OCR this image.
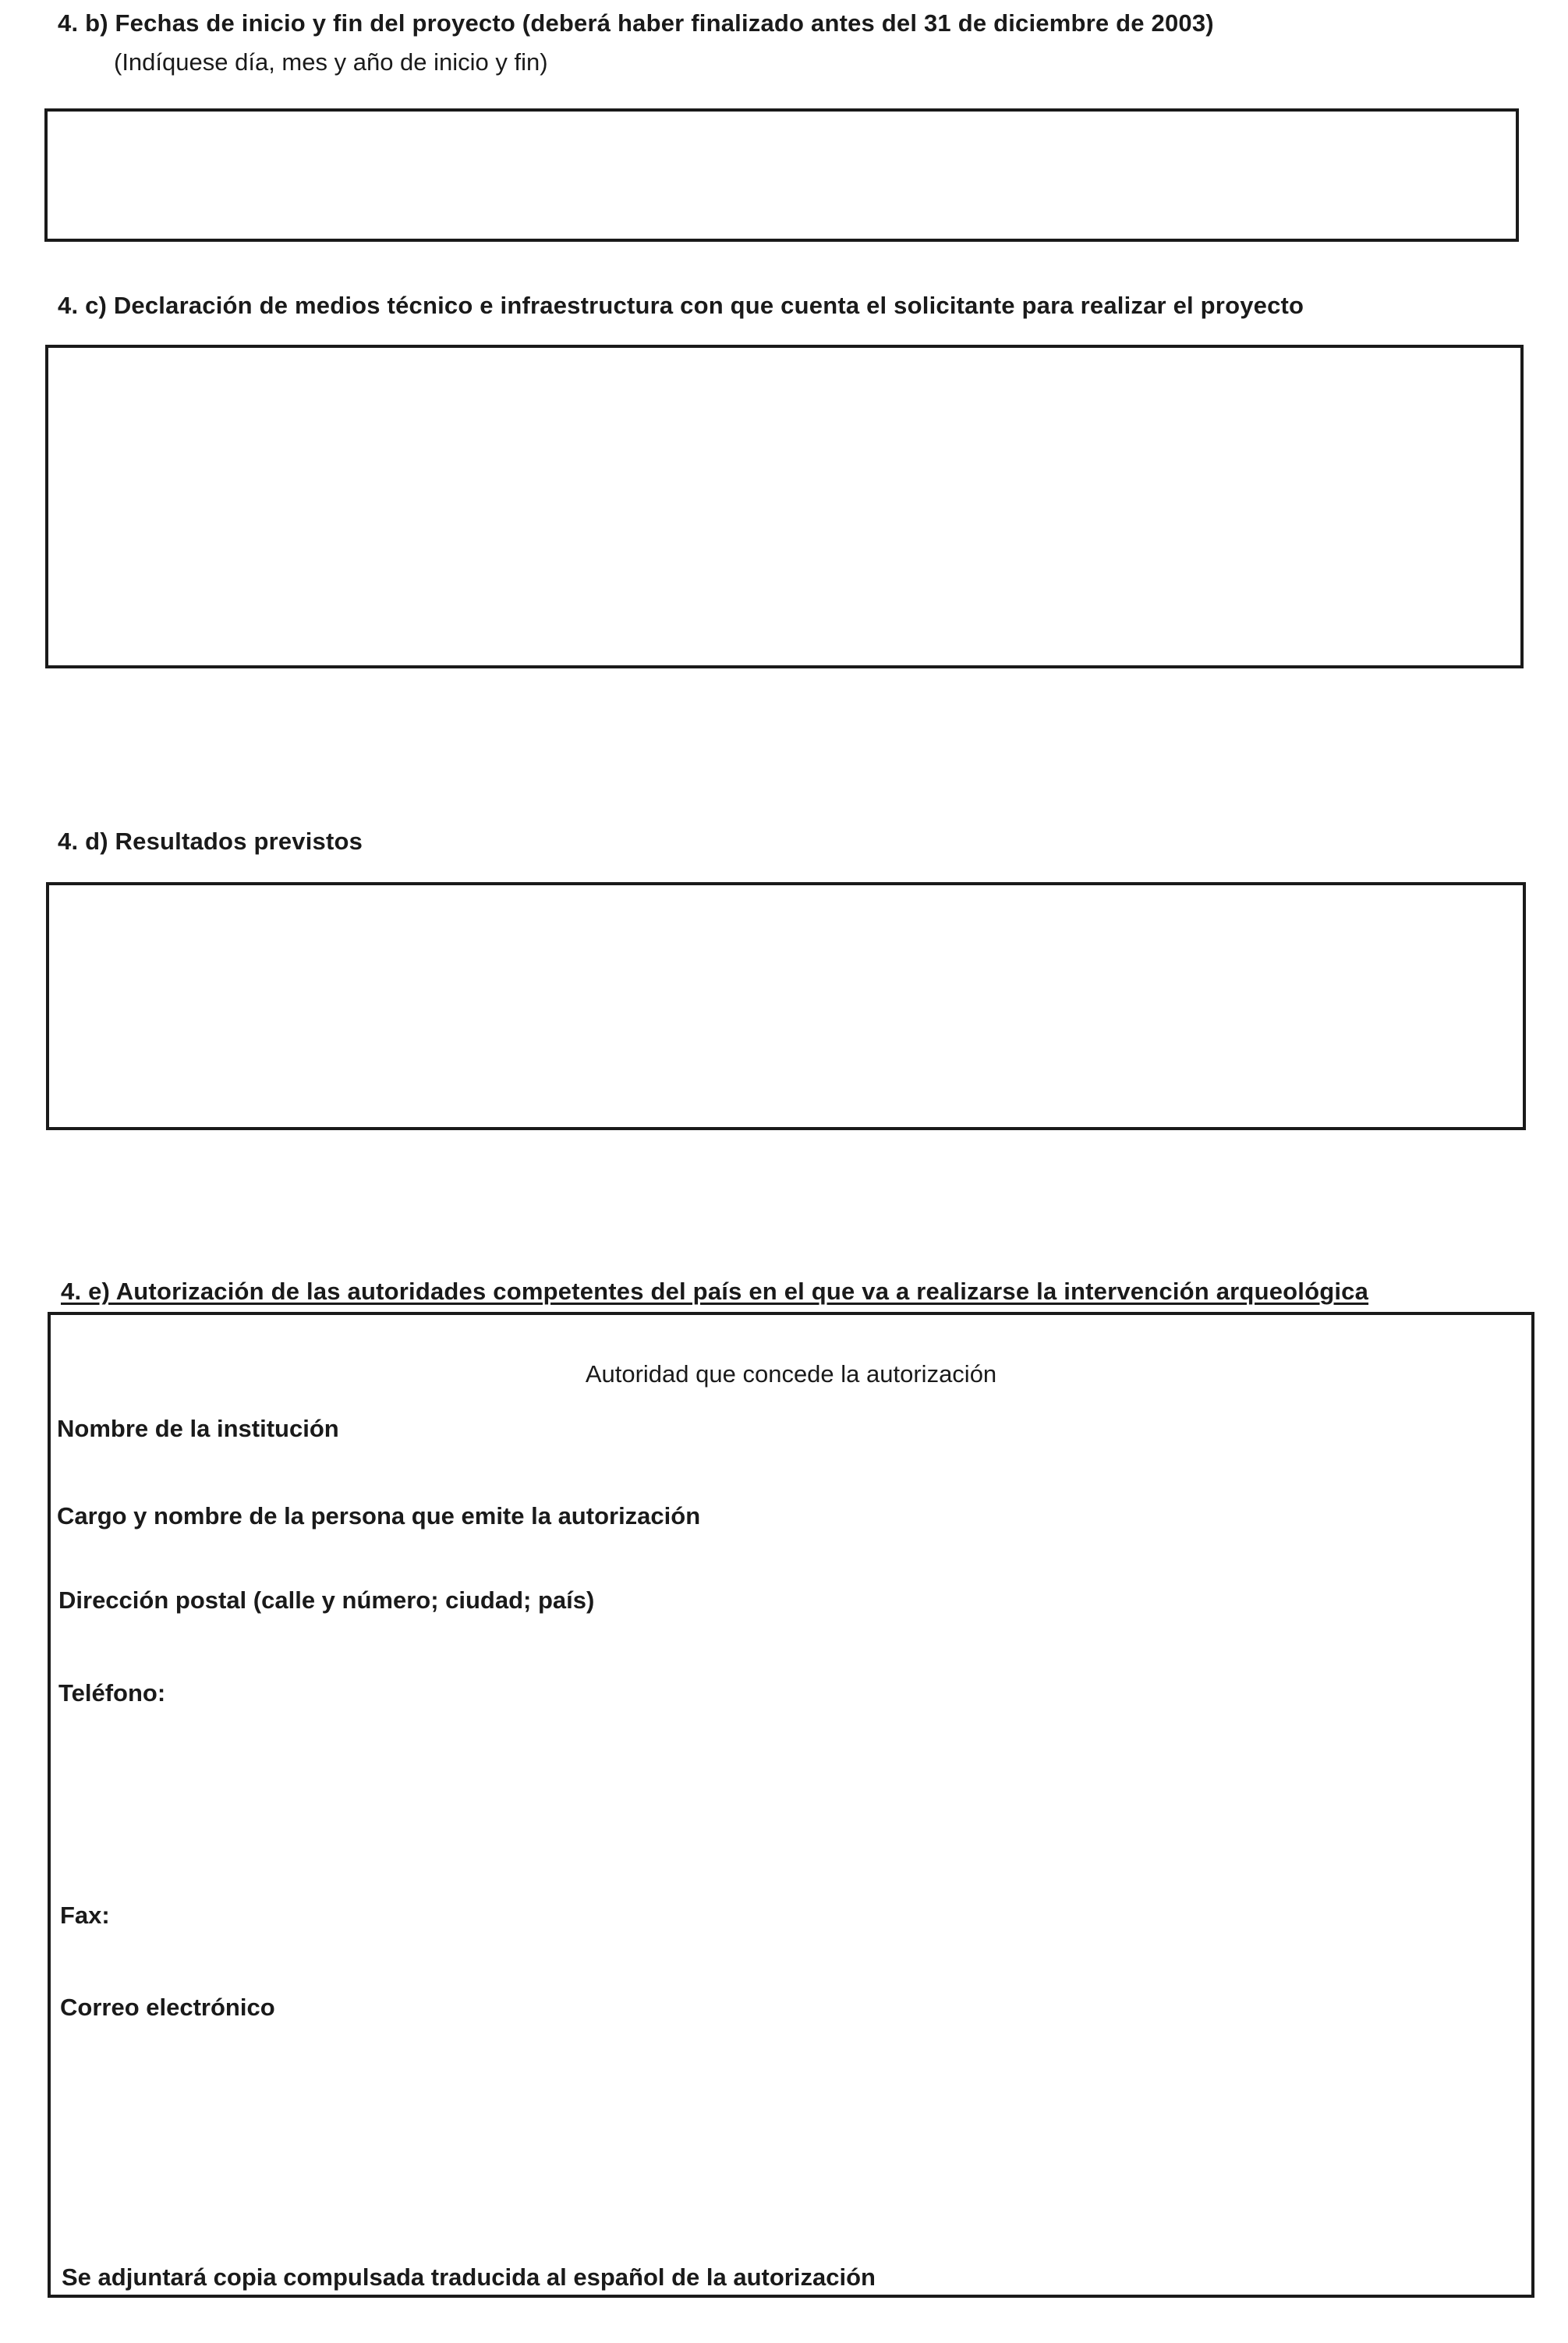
4. b) Fechas de inicio y fin del proyecto (deberá haber finalizado antes del 31 de diciembre de 2003)
(Indíquese día, mes y año de inicio y fin)
4. c) Declaración de medios técnico e infraestructura con que cuenta el solicitante para realizar el proyecto
4. d) Resultados previstos
4. e) Autorización de las autoridades competentes del país en el que va a realizarse la intervención arqueológica
Autoridad que concede la autorización
Nombre de la institución
Cargo y nombre de la persona que emite la autorización
Dirección postal (calle y número; ciudad; país)
Teléfono:
Fax:
Correo electrónico
Se adjuntará copia compulsada traducida al español de la autorización
